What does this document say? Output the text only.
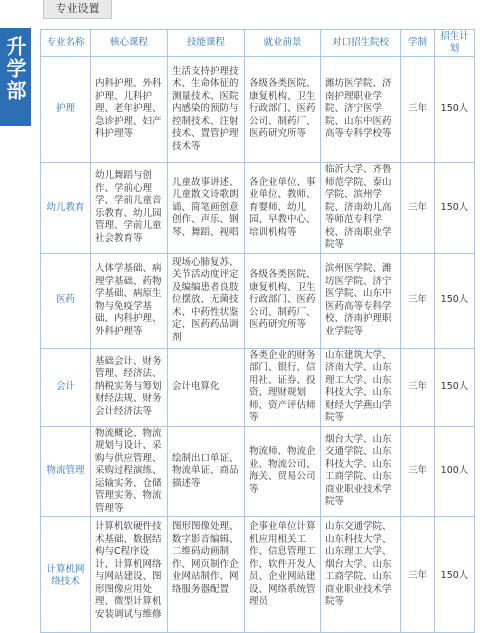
升学部
专业设置
专业名称	核心课程	技能课程	就业前景	对口招生院校	学制	招生计划
护理	内科护理、外科护理、儿科护理、老年护理、急诊护理、妇产科护理等	生活支持护理技术、生命体征的测量技术、医院内感染的预防与控制技术、注射技术、置管护理技术等	各级各类医院、康复机构、卫生行政部门、医药公司、制药厂、医药研究所等	潍坊医学院、济南护理职业学院、济宁医学院、山东中医药高等专科学校等	三年	150人
幼儿教育	幼儿舞蹈与创作、学前心理学、学前儿童音乐教育、幼儿园管理、学前儿童社会教育等	儿童故事讲述、儿童散文诗歌朗诵、简笔画创意创作、声乐、钢琴、舞蹈、视唱	各企业单位、事业单位、教师、育婴师、幼儿园、早教中心、培训机构等	临沂大学、齐鲁师范学院、泰山学院、滨州学院、济南幼儿高等师范专科学校、济南职业学院等	三年	150人
医药	人体学基础、病理学基础、药物学基础、病原生物与免疫学基础、内科护理、外科护理等	现场心肺复苏、关节活动度评定及编编患者良肢位摆放、无菌技术、中药性状鉴定、医药药品调剂	各级各类医院、康复机构、卫生行政部门、医药公司、制药厂、医药研究所等	滨州医学院、潍坊医学院、济宁医学院、山东中医药高等专科学校、济南护理职业学院等	三年	150人
会计	基础会计、财务管理、经济法、纳税实务与筹划财经法规、财务会计经济法等	会计电算化	各类企业的财务部门、银行、信用社、证券、投资、理财规划师、资产评估师等	山东建筑大学、济南大学、山东理工大学、山东科技大学、山东财经大学燕山学院等	三年	150人
物流管理	物流概论、物流规划与设计、采购与供应管理、采购过程演练、运输实务、仓储管理实务、物流管理等	绘制出口单证、物流单证、商品描述等	物流师、物流企业、物流公司、海关、贸易公司等	烟台大学、山东交通学院、山东科技大学、山东工商学院、山东商业职业技术学院等	三年	100人
计算机网络技术	计算机软硬件技术基础、数据结构与C程序设计、计算机网络与网站建设、图形图像应用处理、微型计算机安装调试与维修	图形图像处理、数字影音编辑、二维码动画制作、网页制作企业网站制作、网络服务器配置	企事业单位计算机应用相关工作、信息管理工作、软件开发人员、企业网站建设、网络系统管理员	山东交通学院、山东科技大学、山东理工大学、烟台大学、山东工商学院、山东商业职业技术学院等	三年	150人
